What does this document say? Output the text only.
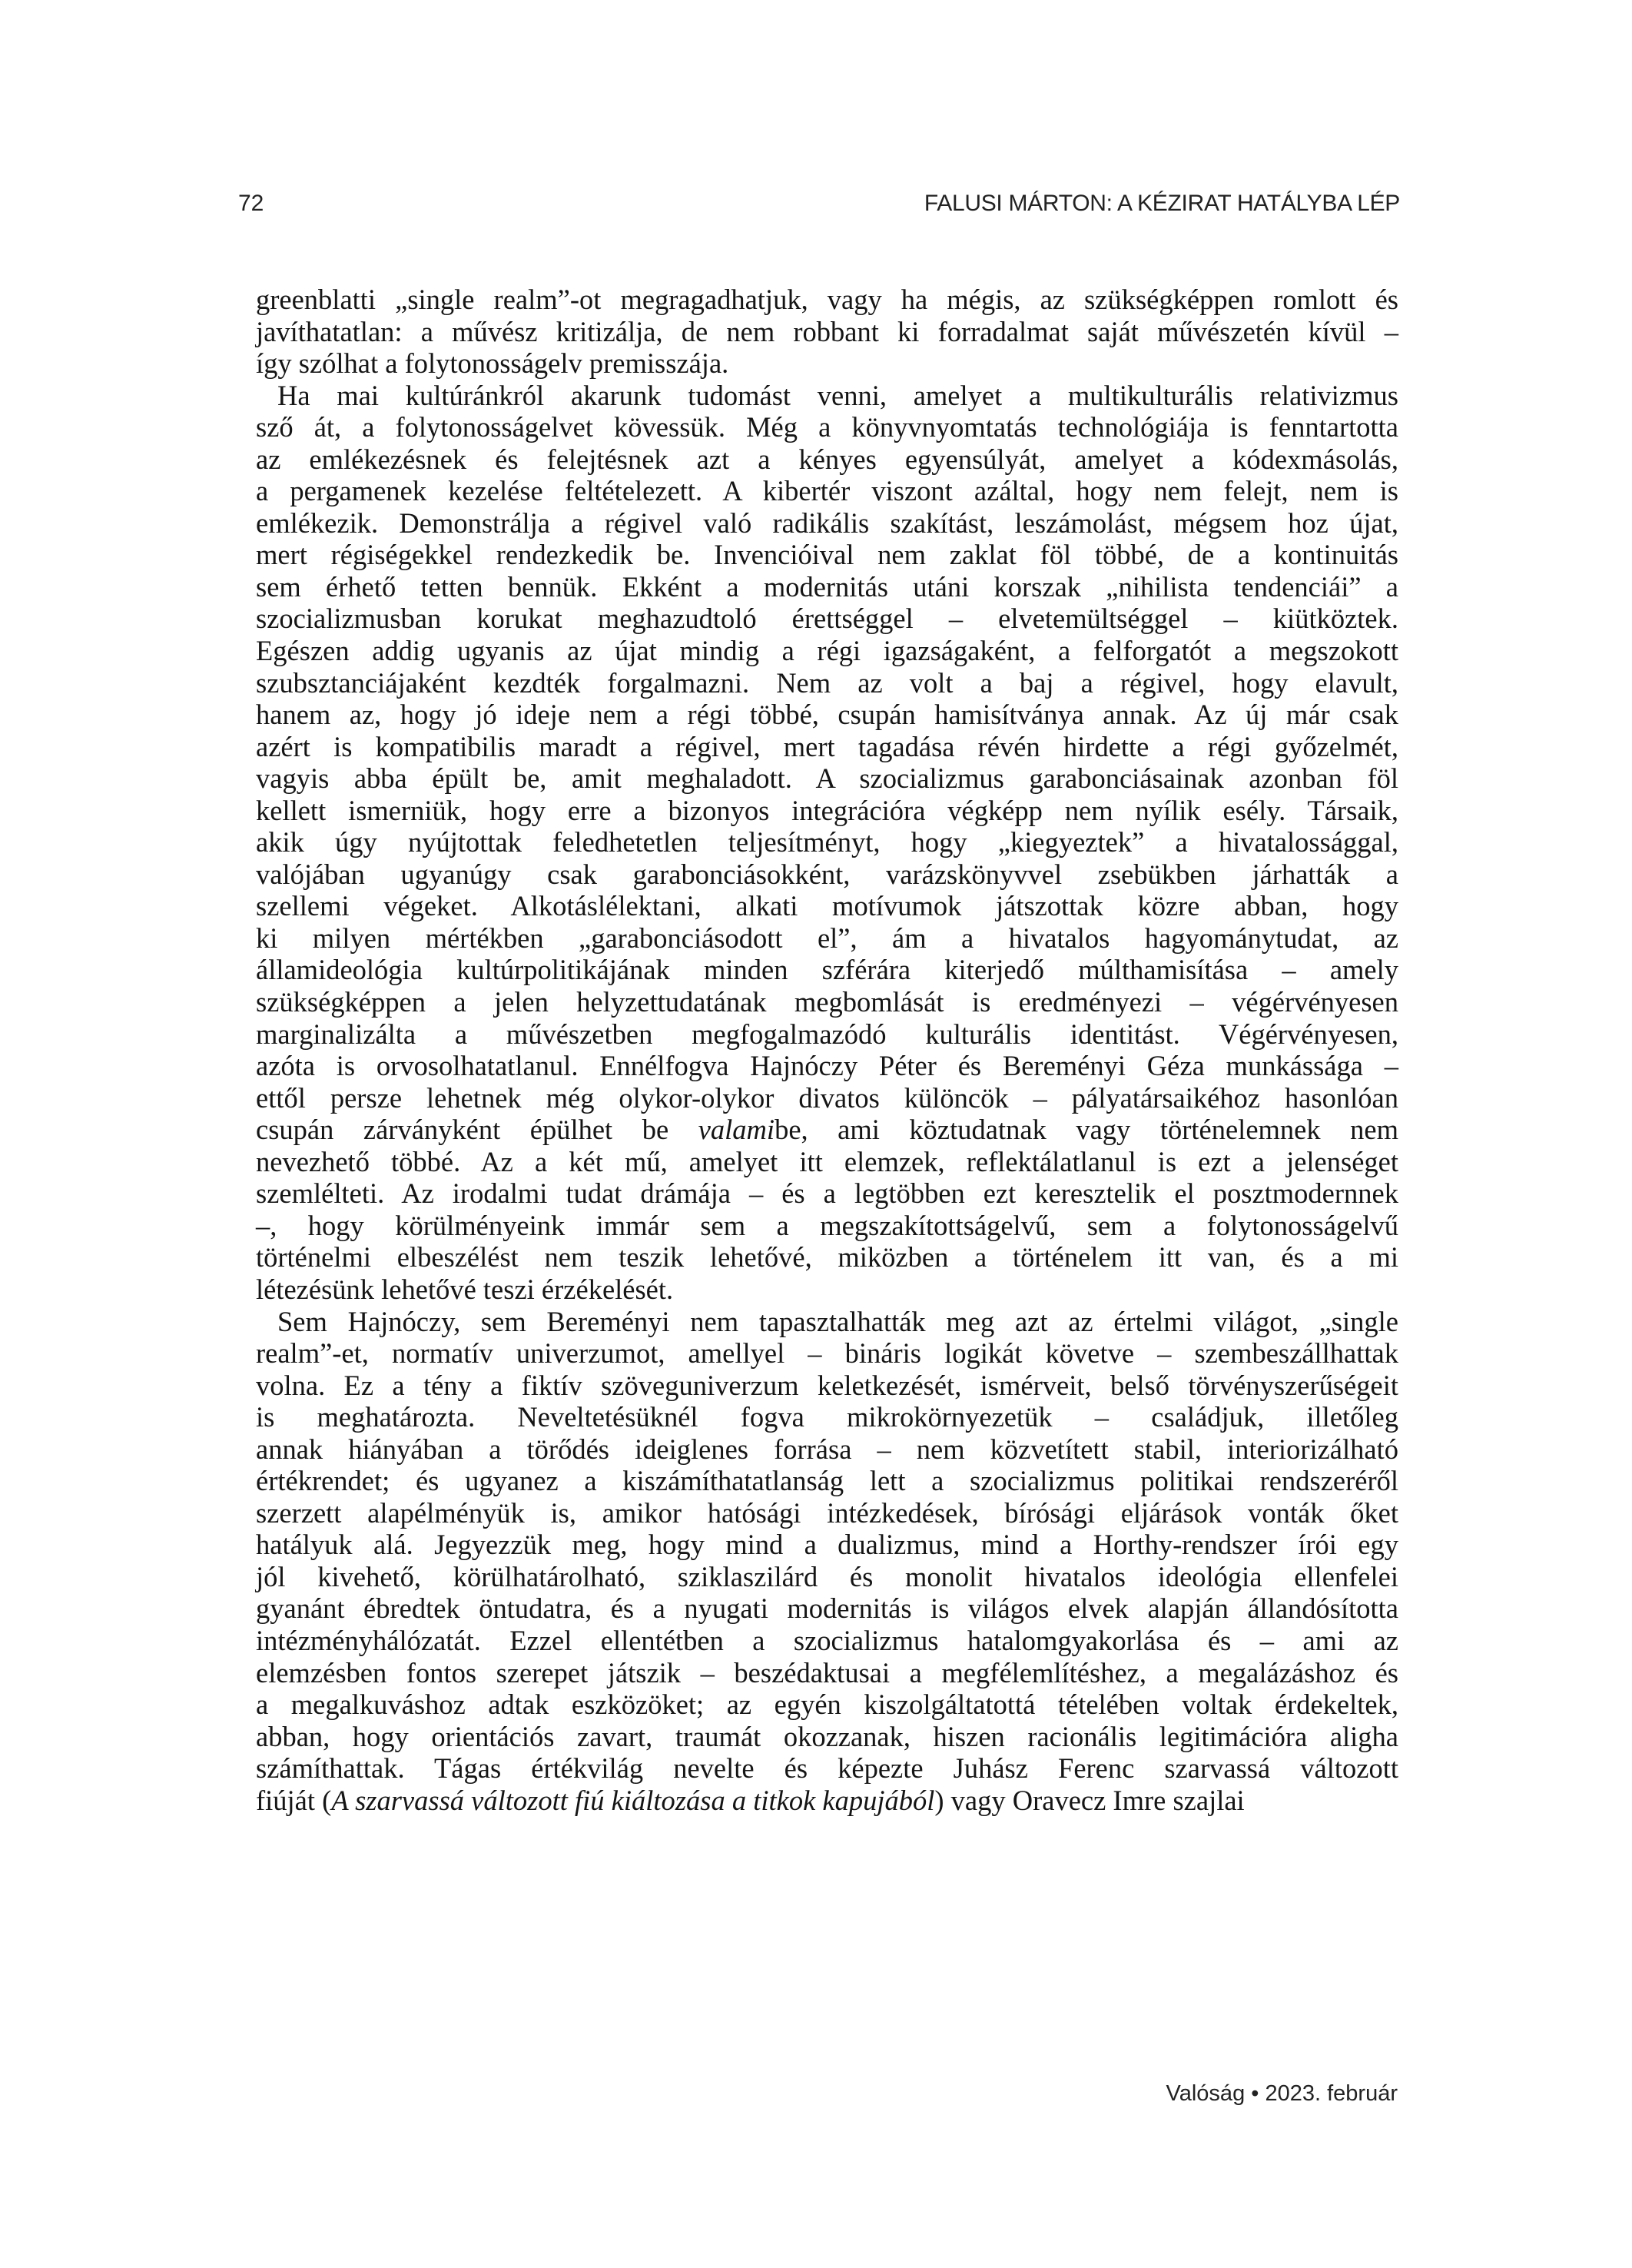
72	FALUSI MÁRTON: A KÉZIRAT HATÁLYBA LÉP
greenblatti „single realm”-ot megragadhatjuk, vagy ha mégis, az szükségképpen romlott és
javíthatatlan: a művész kritizálja, de nem robbant ki forradalmat saját művészetén kívül –
így szólhat a folytonosságelv premisszája.
Ha mai kultúránkról akarunk tudomást venni, amelyet a multikulturális relativizmus
sző át, a folytonosságelvet kövessük. Még a könyvnyomtatás technológiája is fenntartotta
az emlékezésnek és felejtésnek azt a kényes egyensúlyát, amelyet a kódexmásolás,
a pergamenek kezelése feltételezett. A kibertér viszont azáltal, hogy nem felejt, nem is
emlékezik. Demonstrálja a régivel való radikális szakítást, leszámolást, mégsem hoz újat,
mert régiségekkel rendezkedik be. Invencióival nem zaklat föl többé, de a kontinuitás
sem érhető tetten bennük. Ekként a modernitás utáni korszak „nihilista tendenciái” a
szocializmusban korukat meghazudtoló érettséggel – elvetemültséggel – kiütköztek.
Egészen addig ugyanis az újat mindig a régi igazságaként, a felforgatót a megszokott
szubsztanciájaként kezdték forgalmazni. Nem az volt a baj a régivel, hogy elavult,
hanem az, hogy jó ideje nem a régi többé, csupán hamisítványa annak. Az új már csak
azért is kompatibilis maradt a régivel, mert tagadása révén hirdette a régi győzelmét,
vagyis abba épült be, amit meghaladott. A szocializmus garabonciásainak azonban föl
kellett ismerniük, hogy erre a bizonyos integrációra végképp nem nyílik esély. Társaik,
akik úgy nyújtottak feledhetetlen teljesítményt, hogy „kiegyeztek” a hivatalossággal,
valójában ugyanúgy csak garabonciásokként, varázskönyvvel zsebükben járhatták a
szellemi végeket. Alkotáslélektani, alkati motívumok játszottak közre abban, hogy
ki milyen mértékben „garabonciásodott el”, ám a hivatalos hagyománytudat, az
államideológia kultúrpolitikájának minden szférára kiterjedő múlthamisítása – amely
szükségképpen a jelen helyzettudatának megbomlását is eredményezi – végérvényesen
marginalizálta a művészetben megfogalmazódó kulturális identitást. Végérvényesen,
azóta is orvosolhatatlanul. Ennélfogva Hajnóczy Péter és Bereményi Géza munkássága –
ettől persze lehetnek még olykor-olykor divatos különcök – pályatársaikéhoz hasonlóan
csupán zárványként épülhet be valamibe, ami köztudatnak vagy történelemnek nem
nevezhető többé. Az a két mű, amelyet itt elemzek, reflektálatlanul is ezt a jelenséget
szemlélteti. Az irodalmi tudat drámája – és a legtöbben ezt keresztelik el posztmodernnek
–, hogy körülményeink immár sem a megszakítottságelvű, sem a folytonosságelvű
történelmi elbeszélést nem teszik lehetővé, miközben a történelem itt van, és a mi
létezésünk lehetővé teszi érzékelését.
Sem Hajnóczy, sem Bereményi nem tapasztalhatták meg azt az értelmi világot, „single
realm”-et, normatív univerzumot, amellyel – bináris logikát követve – szembeszállhattak
volna. Ez a tény a fiktív szöveguniverzum keletkezését, ismérveit, belső törvényszerűségeit
is meghatározta. Neveltetésüknél fogva mikrokörnyezetük – családjuk, illetőleg
annak hiányában a törődés ideiglenes forrása – nem közvetített stabil, interiorizálható
értékrendet; és ugyanez a kiszámíthatatlanság lett a szocializmus politikai rendszeréről
szerzett alapélményük is, amikor hatósági intézkedések, bírósági eljárások vonták őket
hatályuk alá. Jegyezzük meg, hogy mind a dualizmus, mind a Horthy-rendszer írói egy
jól kivehető, körülhatárolható, sziklaszilárd és monolit hivatalos ideológia ellenfelei
gyanánt ébredtek öntudatra, és a nyugati modernitás is világos elvek alapján állandósította
intézményhálózatát. Ezzel ellentétben a szocializmus hatalomgyakorlása és – ami az
elemzésben fontos szerepet játszik – beszédaktusai a megfélemlítéshez, a megalázáshoz és
a megalkuváshoz adtak eszközöket; az egyén kiszolgáltatottá tételében voltak érdekeltek,
abban, hogy orientációs zavart, traumát okozzanak, hiszen racionális legitimációra aligha
számíthattak. Tágas értékvilág nevelte és képezte Juhász Ferenc szarvassá változott
fiúját (A szarvassá változott fiú kiáltozása a titkok kapujából) vagy Oravecz Imre szajlai
Valóság • 2023. február
